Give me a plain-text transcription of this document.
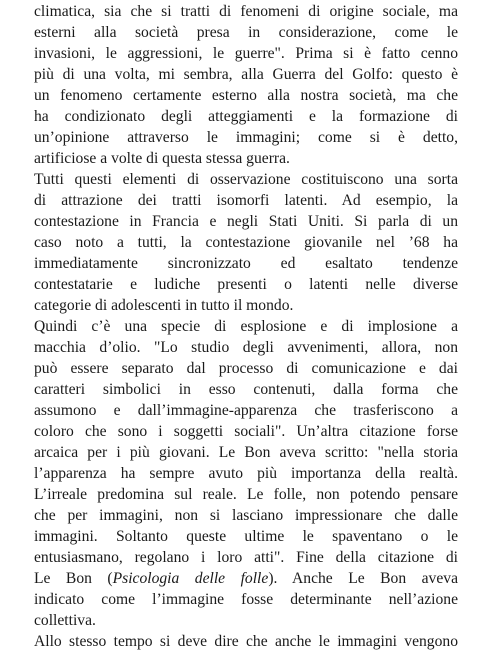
climatica, sia che si tratti di fenomeni di origine sociale, ma
esterni alla società presa in considerazione, come le
invasioni, le aggressioni, le guerre". Prima si è fatto cenno
più di una volta, mi sembra, alla Guerra del Golfo: questo è
un fenomeno certamente esterno alla nostra società, ma che
ha condizionato degli atteggiamenti e la formazione di
un’opinione attraverso le immagini; come si è detto,
artificiose a volte di questa stessa guerra.
Tutti questi elementi di osservazione costituiscono una sorta
di attrazione dei tratti isomorfi latenti. Ad esempio, la
contestazione in Francia e negli Stati Uniti. Si parla di un
caso noto a tutti, la contestazione giovanile nel ’68 ha
immediatamente sincronizzato ed esaltato tendenze
contestatarie e ludiche presenti o latenti nelle diverse
categorie di adolescenti in tutto il mondo.
Quindi c’è una specie di esplosione e di implosione a
macchia d’olio. "Lo studio degli avvenimenti, allora, non
può essere separato dal processo di comunicazione e dai
caratteri simbolici in esso contenuti, dalla forma che
assumono e dall’immagine-apparenza che trasferiscono a
coloro che sono i soggetti sociali". Un’altra citazione forse
arcaica per i più giovani. Le Bon aveva scritto: "nella storia
l’apparenza ha sempre avuto più importanza della realtà.
L’irreale predomina sul reale. Le folle, non potendo pensare
che per immagini, non si lasciano impressionare che dalle
immagini. Soltanto queste ultime le spaventano o le
entusiasmano, regolano i loro atti". Fine della citazione di
Le Bon (Psicologia delle folle). Anche Le Bon aveva
indicato come l’immagine fosse determinante nell’azione
collettiva.
Allo stesso tempo si deve dire che anche le immagini vengono
